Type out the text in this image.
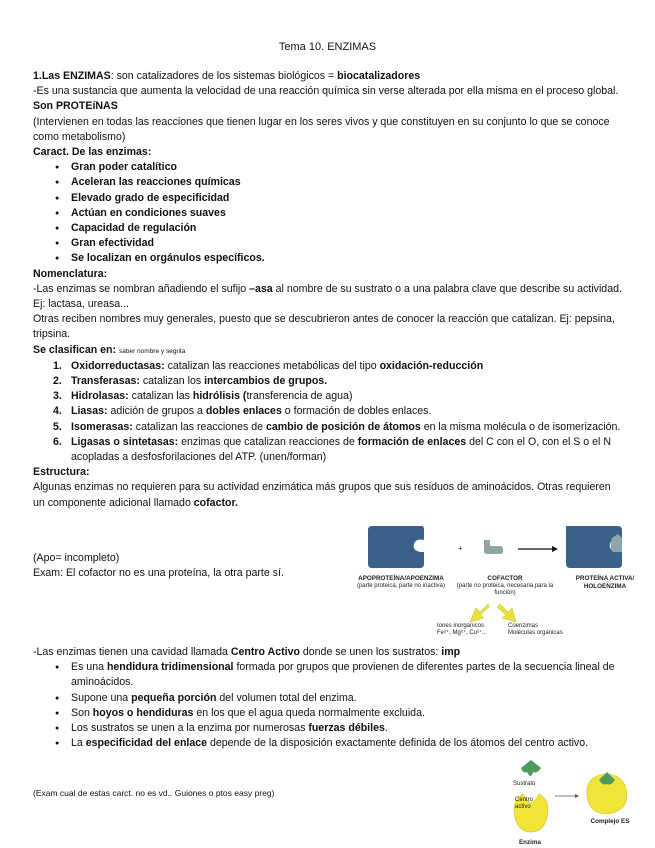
Tema 10. ENZIMAS

1.Las ENZIMAS: son catalizadores de los sistemas biológicos = biocatalizadores

-Es una sustancia que aumenta la velocidad de una reacción química sin verse alterada por ella misma en el proceso global. Son PROTEíNAS

(Intervienen en todas las reacciones que tienen lugar en los seres vivos y que constituyen en su conjunto lo que se conoce como metabolismo)

Caract. De las enzimas:

● Gran poder catalítico
● Aceleran las reacciones químicas
● Elevado grado de especificidad
● Actúan en condiciones suaves
● Capacidad de regulación
● Gran efectividad
● Se localizan en orgánulos específicos.

Nomenclatura:

-Las enzimas se nombran añadiendo el sufijo –asa al nombre de su sustrato o a una palabra clave que describe su actividad. Ej: lactasa, ureasa...

Otras reciben nombres muy generales, puesto que se descubrieron antes de conocer la reacción que catalizan. Ej: pepsina, tripsina.

Se clasifican en: saber nombre y segrita

1. Oxidorreductasas: catalizan las reacciones metabólicas del tipo oxidación-reducción
2. Transferasas: catalizan los intercambios de grupos.
3. Hidrolasas: catalizan las hidrólisis (transferencia de agua)
4. Liasas: adición de grupos a dobles enlaces o formación de dobles enlaces.
5. Isomerasas: catalizan las reacciones de cambio de posición de átomos en la misma molécula o de isomerización.
6. Ligasas o sintetasas: enzimas que catalizan reacciones de formación de enlaces del C con el O, con el S o el N acopladas a desfosforilaciones del ATP. (unen/forman)

Estructura:

Algunas enzimas no requieren para su actividad enzimática más grupos que sus residuos de aminoácidos. Otras requieren un componente adicional llamado cofactor.

(Apo= incompleto)

Exam: El cofactor no es una proteína, la otra parte sí.

+
APOPROTEÍNA/APOENZIMA
(parte proteica, parte no inactiva)
COFACTOR
(parte no proteica, necesaria para la función)
PROTEÍNA ACTIVA/ HOLOENZIMA
Iones inorgánicos
Fe²⁺, Mg²⁺, Cu²⁺...
Coenzimas
Moléculas orgánicas

-Las enzimas tienen una cavidad llamada Centro Activo donde se unen los sustratos: imp

● Es una hendidura tridimensional formada por grupos que provienen de diferentes partes de la secuencia lineal de aminoácidos.
● Supone una pequeña porción del volumen total del enzima.
● Son hoyos o hendiduras en los que el agua queda normalmente excluida.
● Los sustratos se unen a la enzima por numerosas fuerzas débiles.
● La especificidad del enlace depende de la disposición exactamente definida de los átomos del centro activo.
(Exam cual de estas carct. no es vd.. Guiones o ptos easy preg)
Sustrato
Centro activo
Enzima
Complejo ES
